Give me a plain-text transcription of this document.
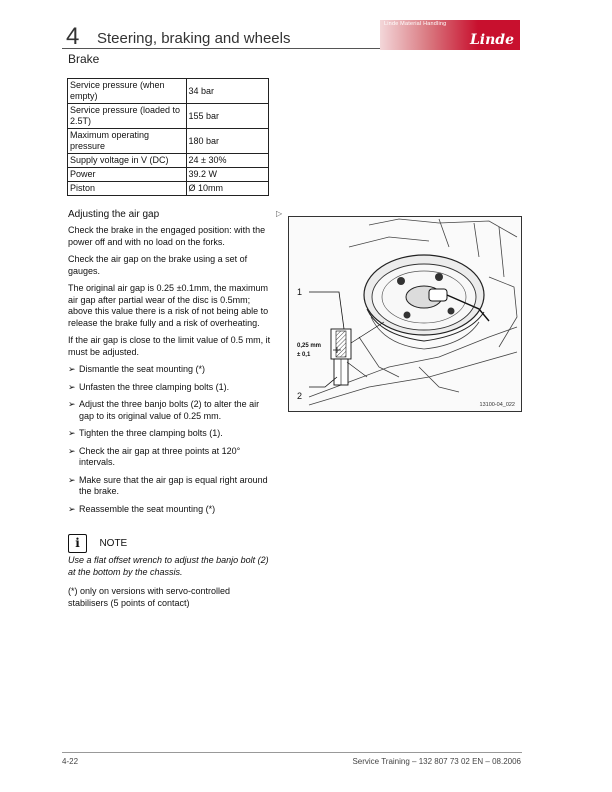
4 Steering, braking and wheels
Brake
Linde Material Handling
Linde
Service pressure (when empty)	34 bar
Service pressure (loaded to 2.5T)	155 bar
Maximum operating pressure	180 bar
Supply voltage in V (DC)	24 ± 30%
Power	39.2 W
Piston	Ø 10mm
Adjusting the air gap	▷

Check the brake in the engaged position: with the power off and with no load on the forks.

Check the air gap on the brake using a set of gauges.

The original air gap is 0.25 ±0.1mm, the maximum air gap after partial wear of the disc is 0.5mm; above this value there is a risk of not being able to release the brake fully and a risk of overheating.

If the air gap is close to the limit value of 0.5 mm, it must be adjusted.

➢ Dismantle the seat mounting (*)
➢ Unfasten the three clamping bolts (1).
➢ Adjust the three banjo bolts (2) to alter the air gap to its original value of 0.25 mm.
➢ Tighten the three clamping bolts (1).
➢ Check the air gap at three points at 120° intervals.
➢ Make sure that the air gap is equal right around the brake.
➢ Reassemble the seat mounting (*)
i NOTE
Use a flat offset wrench to adjust the banjo bolt (2) at the bottom by the chassis.
(*) only on versions with servo-controlled stabilisers (5 points of contact)
1
2
0,25 mm
± 0,1
13100-04_022
4-22	Service Training – 132 807 73 02 EN – 08.2006
